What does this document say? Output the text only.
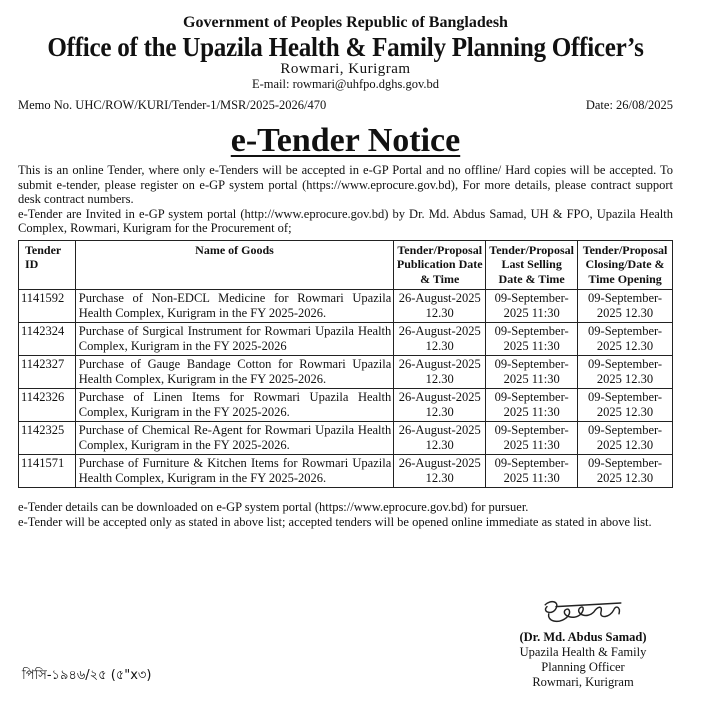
Government of Peoples Republic of Bangladesh
Office of the Upazila Health & Family Planning Officer’s
Rowmari, Kurigram
E-mail: rowmari@uhfpo.dghs.gov.bd
Memo No. UHC/ROW/KURI/Tender-1/MSR/2025-2026/470	Date: 26/08/2025
e-Tender Notice

This is an online Tender, where only e-Tenders will be accepted in e-GP Portal and no offline/ Hard copies will be accepted. To submit e-tender, please register on e-GP system portal (https://www.eprocure.gov.bd), For more details, please contract support desk contract numbers.

e-Tender are Invited in e-GP system portal (http://www.eprocure.gov.bd) by Dr. Md. Abdus Samad, UH & FPO, Upazila Health Complex, Rowmari, Kurigram for the Procurement of;

Tender ID	Name of Goods	Tender/Proposal Publication Date & Time	Tender/Proposal Last Selling Date & Time	Tender/Proposal Closing/Date & Time Opening
1141592	Purchase of Non-EDCL Medicine for Rowmari Upazila Health Complex, Kurigram in the FY 2025-2026.	26-August-2025 12.30	09-September-2025 11:30	09-September-2025 12.30
1142324	Purchase of Surgical Instrument for Rowmari Upazila Health Complex, Kurigram in the FY 2025-2026	26-August-2025 12.30	09-September-2025 11:30	09-September-2025 12.30
1142327	Purchase of Gauge Bandage Cotton for Rowmari Upazila Health Complex, Kurigram in the FY 2025-2026.	26-August-2025 12.30	09-September-2025 11:30	09-September-2025 12.30
1142326	Purchase of Linen Items for Rowmari Upazila Health Complex, Kurigram in the FY 2025-2026.	26-August-2025 12.30	09-September-2025 11:30	09-September-2025 12.30
1142325	Purchase of Chemical Re-Agent for Rowmari Upazila Health Complex, Kurigram in the FY 2025-2026.	26-August-2025 12.30	09-September-2025 11:30	09-September-2025 12.30
1141571	Purchase of Furniture & Kitchen Items for Rowmari Upazila Health Complex, Kurigram in the FY 2025-2026.	26-August-2025 12.30	09-September-2025 11:30	09-September-2025 12.30

e-Tender details can be downloaded on e-GP system portal (https://www.eprocure.gov.bd) for pursuer.

e-Tender will be accepted only as stated in above list; accepted tenders will be opened online immediate as stated in above list.

(Dr. Md. Abdus Samad)
Upazila Health & Family
Planning Officer
Rowmari, Kurigram
পিসি-১৯৪৬/২৫ (৫"x৩)
